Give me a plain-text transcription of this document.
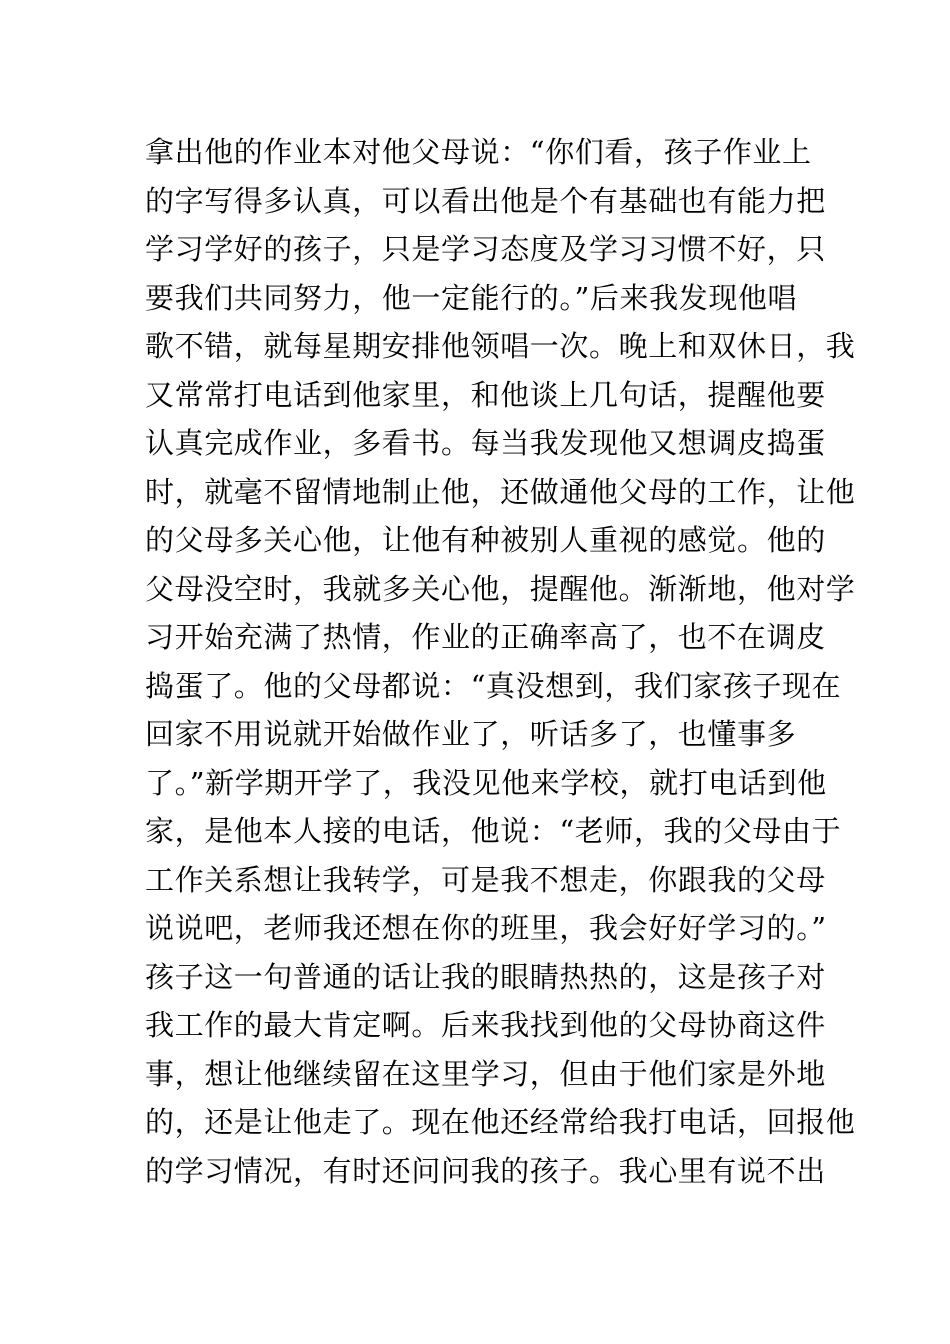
拿出他的作业本对他父母说：“你们看，孩子作业上
的字写得多认真，可以看出他是个有基础也有能力把
学习学好的孩子，只是学习态度及学习习惯不好，只
要我们共同努力，他一定能行的。”后来我发现他唱
歌不错，就每星期安排他领唱一次。晚上和双休日，我
又常常打电话到他家里，和他谈上几句话，提醒他要
认真完成作业，多看书。每当我发现他又想调皮捣蛋
时，就毫不留情地制止他，还做通他父母的工作，让他
的父母多关心他，让他有种被别人重视的感觉。他的
父母没空时，我就多关心他，提醒他。渐渐地，他对学
习开始充满了热情，作业的正确率高了，也不在调皮
捣蛋了。他的父母都说：“真没想到，我们家孩子现在
回家不用说就开始做作业了，听话多了，也懂事多
了。”新学期开学了，我没见他来学校，就打电话到他
家，是他本人接的电话，他说：“老师，我的父母由于
工作关系想让我转学，可是我不想走，你跟我的父母
说说吧，老师我还想在你的班里，我会好好学习的。”
孩子这一句普通的话让我的眼睛热热的，这是孩子对
我工作的最大肯定啊。后来我找到他的父母协商这件
事，想让他继续留在这里学习，但由于他们家是外地
的，还是让他走了。现在他还经常给我打电话，回报他
的学习情况，有时还问问我的孩子。我心里有说不出
